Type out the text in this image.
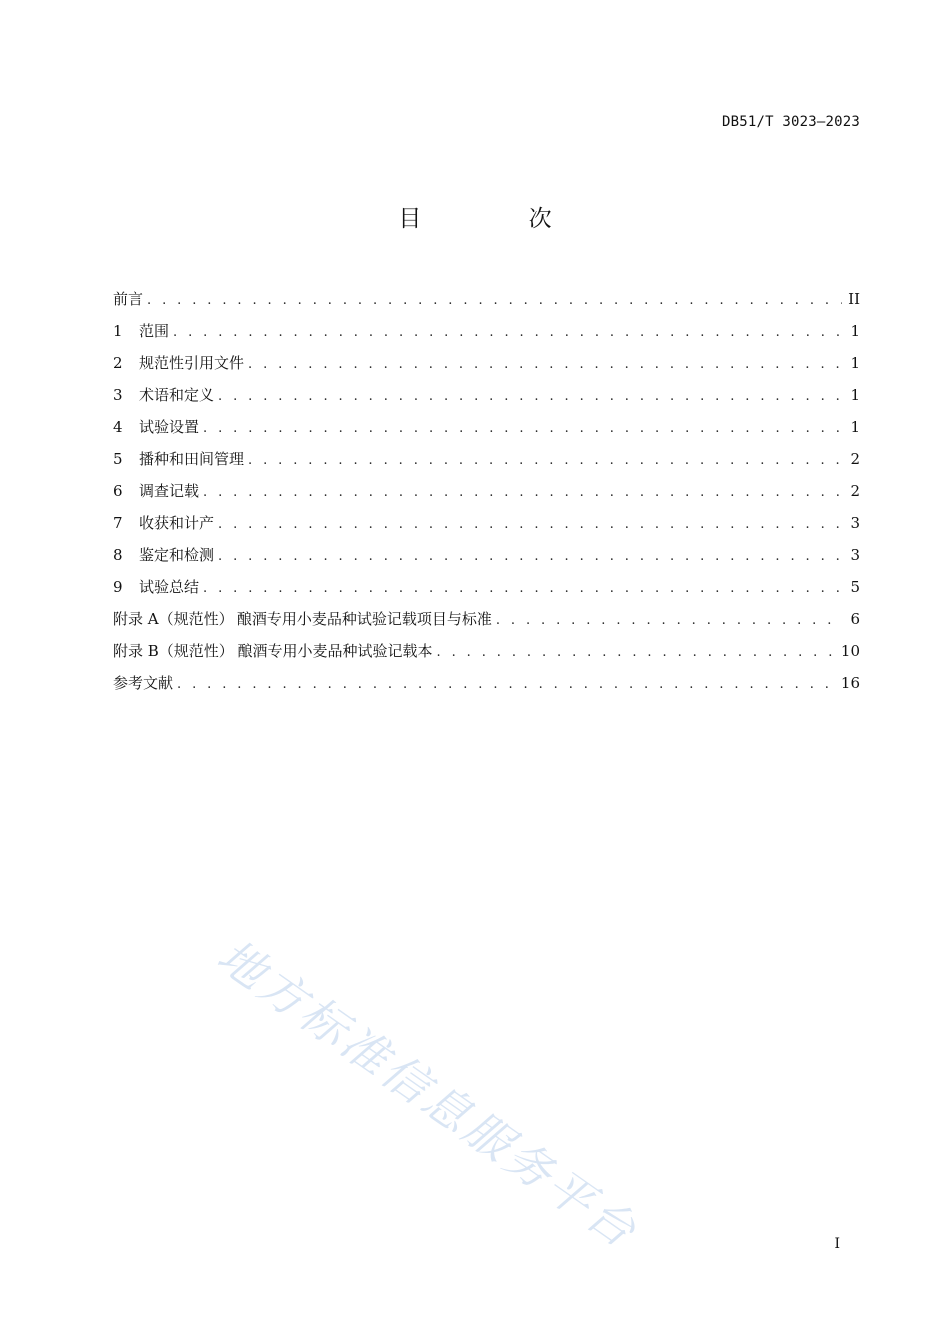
DB51/T 3023—2023
目 次
前言 . . .	II
1	范围 . . .	1
2	规范性引用文件 . . .	1
3	术语和定义 . . .	1
4	试验设置 . . .	1
5	播种和田间管理 . . .	2
6	调查记载 . . .	2
7	收获和计产 . . .	3
8	鉴定和检测 . . .	3
9	试验总结 . . .	5
附录 A（规范性） 酿酒专用小麦品种试验记载项目与标准 . . .	6
附录 B（规范性） 酿酒专用小麦品种试验记载本 . . .	10
参考文献 . . .	16
地方标准信息服务平台	I
